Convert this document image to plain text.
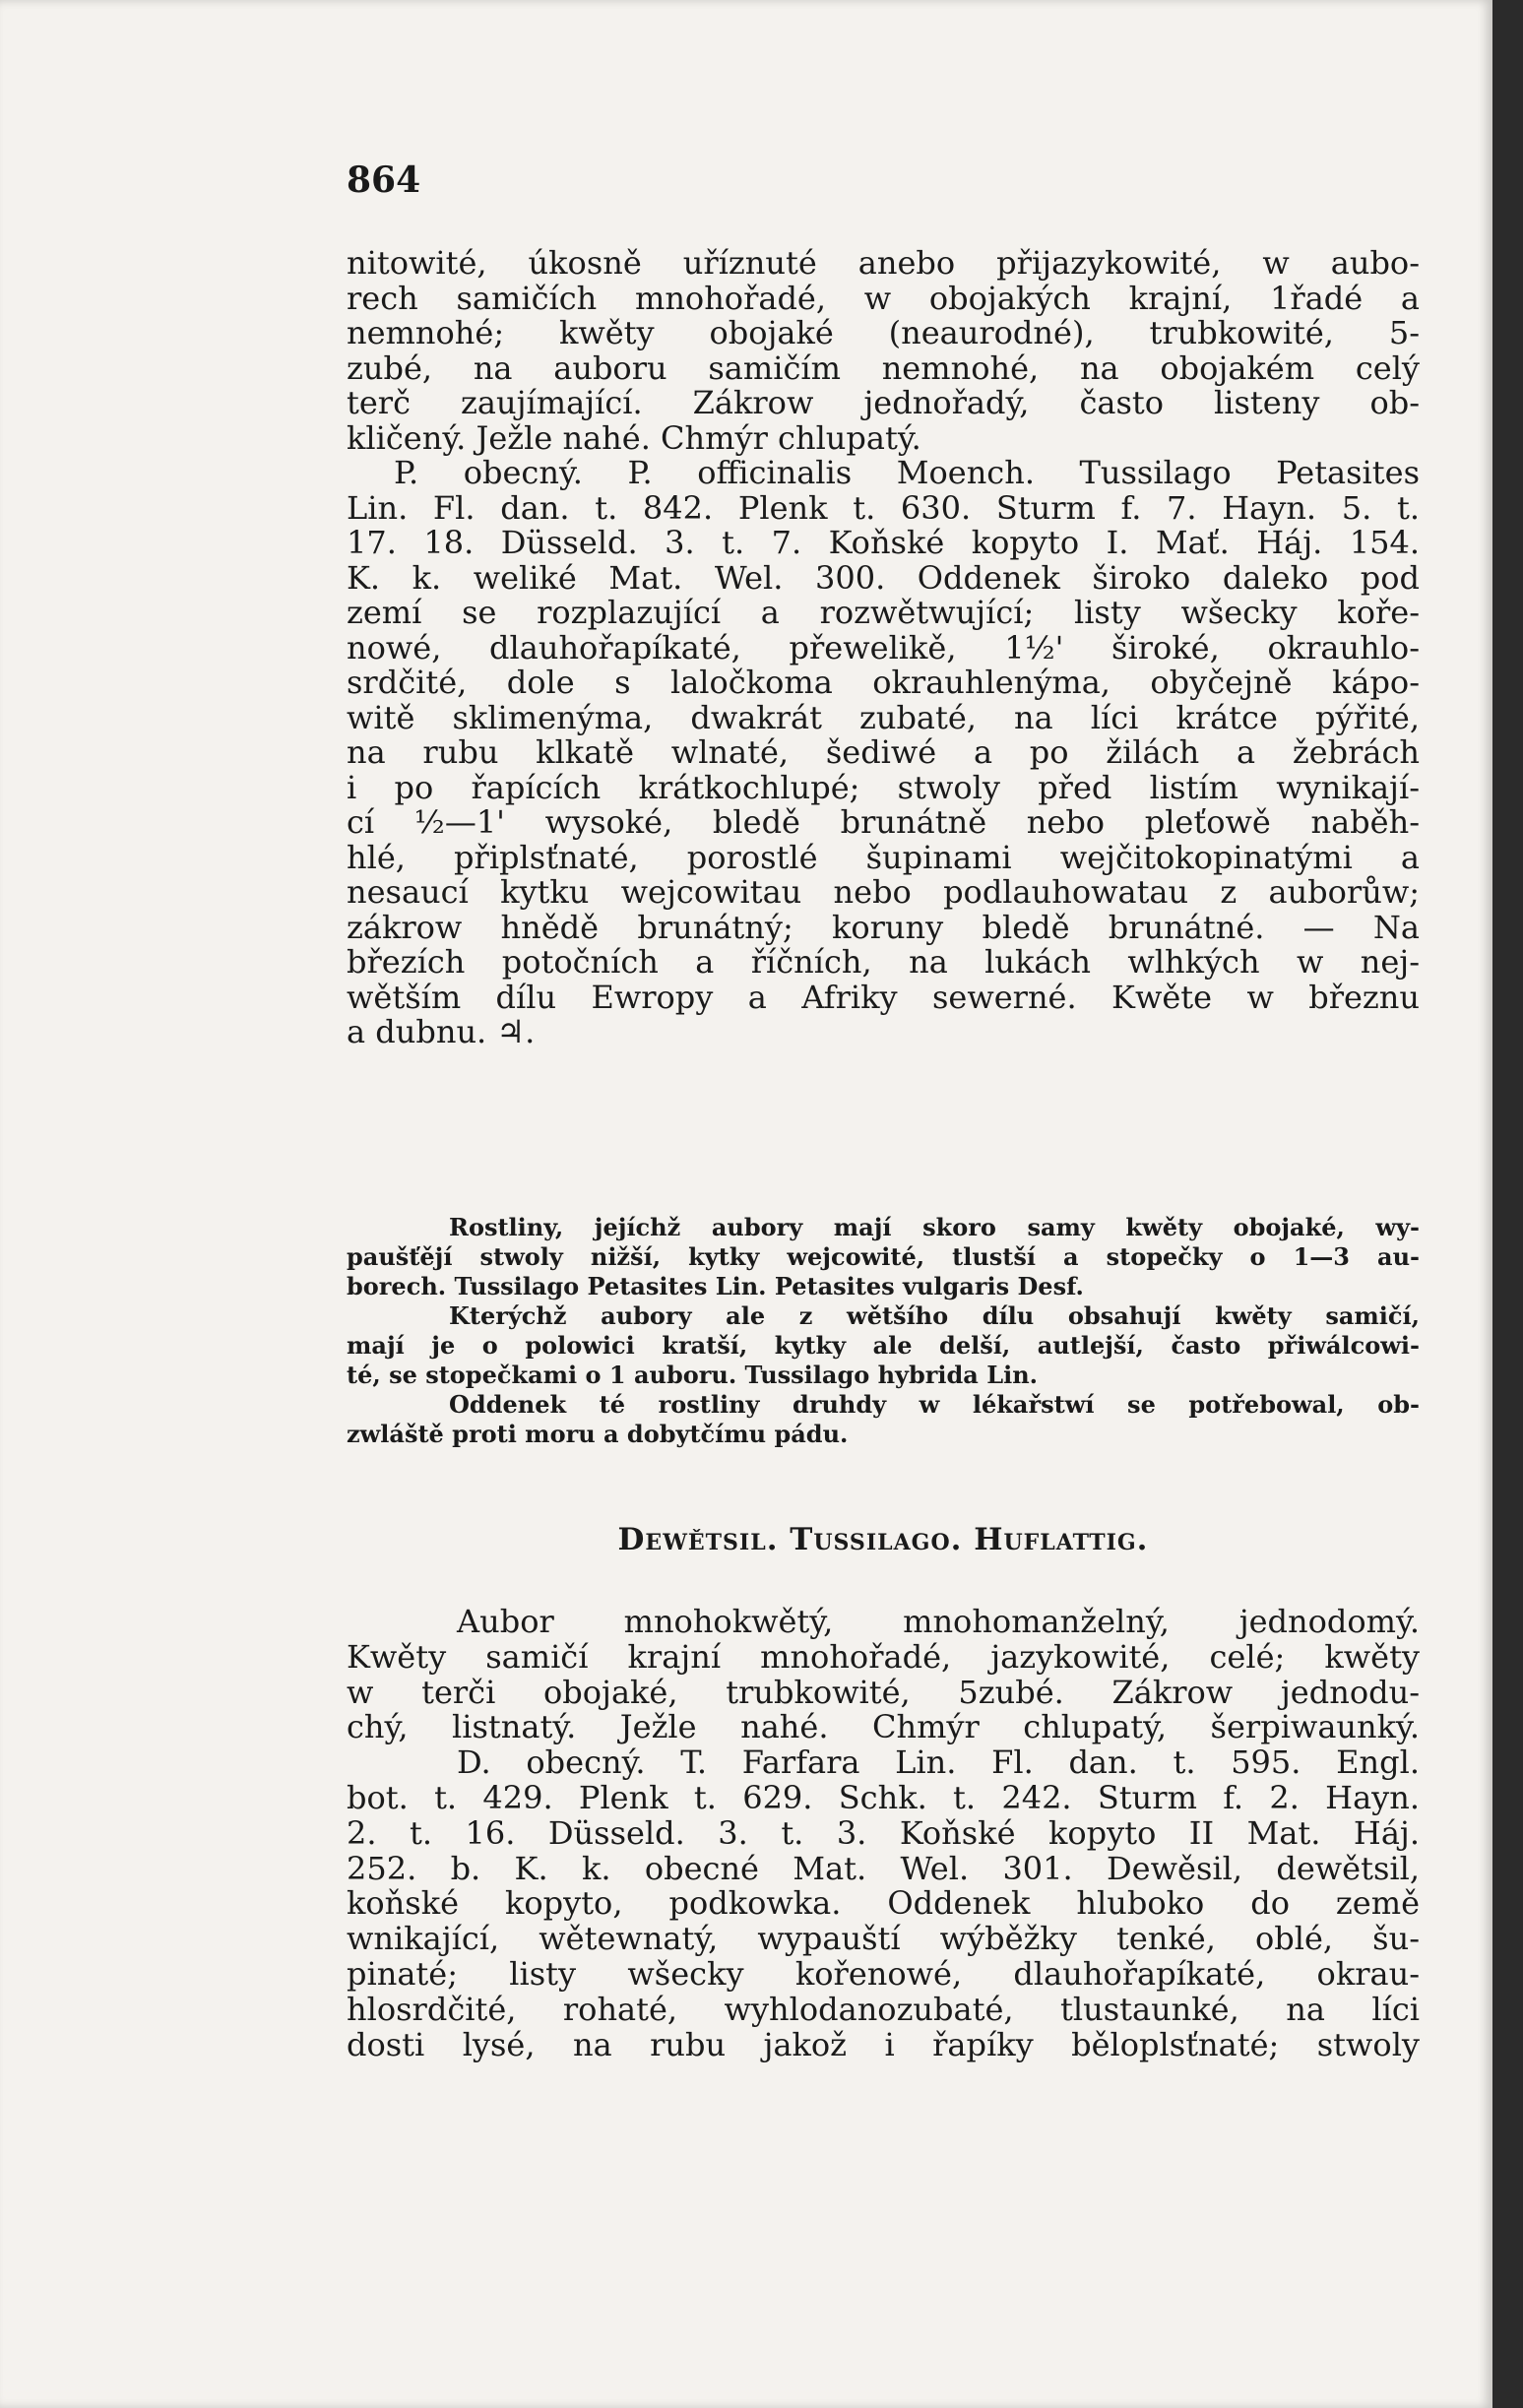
864
nitowité, úkosně uříznuté anebo přijazykowité, w aubo-
rech samičích mnohořadé, w obojakých krajní, 1řadé a
nemnohé; kwěty obojaké (neaurodné), trubkowité, 5-
zubé, na auboru samičím nemnohé, na obojakém celý
terč zaujímající. Zákrow jednořadý, často listeny ob-
kličený. Ježle nahé. Chmýr chlupatý.
P. obecný. P. officinalis Moench. Tussilago Petasites
Lin. Fl. dan. t. 842. Plenk t. 630. Sturm f. 7. Hayn. 5. t.
17. 18. Düsseld. 3. t. 7. Koňské kopyto I. Mať. Háj. 154.
K. k. weliké Mat. Wel. 300. Oddenek široko daleko pod
zemí se rozplazující a rozwětwující; listy wšecky koře-
nowé, dlauhořapíkaté, přewelikě, 1½' široké, okrauhlo-
srdčité, dole s laločkoma okrauhlenýma, obyčejně kápo-
witě sklimenýma, dwakrát zubaté, na líci krátce pýřité,
na rubu klkatě wlnaté, šediwé a po žilách a žebrách
i po řapících krátkochlupé; stwoly před listím wynikají-
cí ½—1' wysoké, bledě brunátně nebo pleťowě naběh-
hlé, připlsťnaté, porostlé šupinami wejčitokopinatými a
nesaucí kytku wejcowitau nebo podlauhowatau z auborůw;
zákrow hnědě brunátný; koruny bledě brunátné. — Na
březích potočních a říčních, na lukách wlhkých w nej-
wětším dílu Ewropy a Afriky sewerné. Kwěte w březnu
a dubnu. ♃.
Rostliny, jejíchž aubory mají skoro samy kwěty obojaké, wy-
paušťějí stwoly nižší, kytky wejcowité, tlustší a stopečky o 1—3 au-
borech. Tussilago Petasites Lin. Petasites vulgaris Desf.
Kterýchž aubory ale z wětšího dílu obsahují kwěty samičí,
mají je o polowici kratší, kytky ale delší, autlejší, často přiwálcowi-
té, se stopečkami o 1 auboru. Tussilago hybrida Lin.
Oddenek té rostliny druhdy w lékařstwí se potřebowal, ob-
zwláště proti moru a dobytčímu pádu.
Dewětsil. Tussilago. Huflattig.
Aubor mnohokwětý, mnohomanželný, jednodomý.
Kwěty samičí krajní mnohořadé, jazykowité, celé; kwěty
w terči obojaké, trubkowité, 5zubé. Zákrow jednodu-
chý, listnatý. Ježle nahé. Chmýr chlupatý, šerpiwaunký.
D. obecný. T. Farfara Lin. Fl. dan. t. 595. Engl.
bot. t. 429. Plenk t. 629. Schk. t. 242. Sturm f. 2. Hayn.
2. t. 16. Düsseld. 3. t. 3. Koňské kopyto II Mat. Háj.
252. b. K. k. obecné Mat. Wel. 301. Dewěsil, dewětsil,
koňské kopyto, podkowka. Oddenek hluboko do země
wnikající, wětewnatý, wypauští wýběžky tenké, oblé, šu-
pinaté; listy wšecky kořenowé, dlauhořapíkaté, okrau-
hlosrdčité, rohaté, wyhlodanozubaté, tlustaunké, na líci
dosti lysé, na rubu jakož i řapíky běloplsťnaté; stwoly
